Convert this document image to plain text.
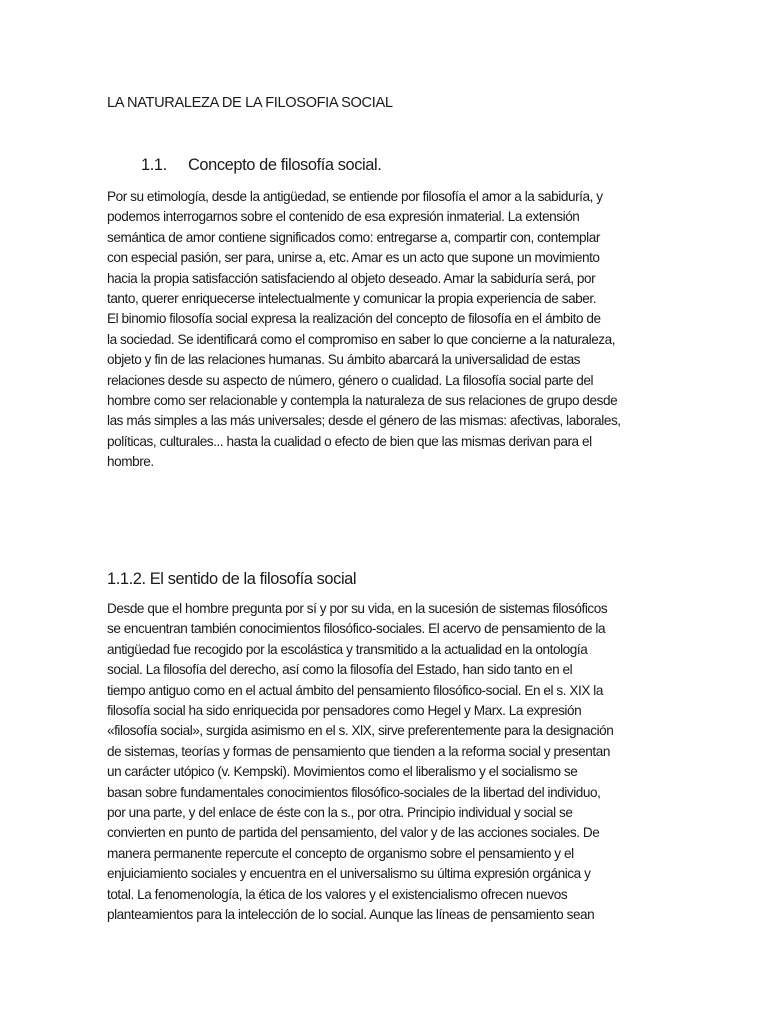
LA NATURALEZA DE LA FILOSOFIA SOCIAL
1.1. Concepto de filosofía social.

Por su etimología, desde la antigüedad, se entiende por filosofía el amor a la sabiduría, y
podemos interrogarnos sobre el contenido de esa expresión inmaterial. La extensión
semántica de amor contiene significados como: entregarse a, compartir con, contemplar
con especial pasión, ser para, unirse a, etc. Amar es un acto que supone un movimiento
hacia la propia satisfacción satisfaciendo al objeto deseado. Amar la sabiduría será, por
tanto, querer enriquecerse intelectualmente y comunicar la propia experiencia de saber.
El binomio filosofía social expresa la realización del concepto de filosofía en el ámbito de
la sociedad. Se identificará como el compromiso en saber lo que concierne a la naturaleza,
objeto y fin de las relaciones humanas. Su ámbito abarcará la universalidad de estas
relaciones desde su aspecto de número, género o cualidad. La filosofía social parte del
hombre como ser relacionable y contempla la naturaleza de sus relaciones de grupo desde
las más simples a las más universales; desde el género de las mismas: afectivas, laborales,
políticas, culturales... hasta la cualidad o efecto de bien que las mismas derivan para el
hombre.

1.1.2. El sentido de la filosofía social

Desde que el hombre pregunta por sí y por su vida, en la sucesión de sistemas filosóficos
se encuentran también conocimientos filosófico-sociales. El acervo de pensamiento de la
antigüedad fue recogido por la escolástica y transmitido a la actualidad en la ontología
social. La filosofía del derecho, así como la filosofía del Estado, han sido tanto en el
tiempo antiguo como en el actual ámbito del pensamiento filosófico-social. En el s. XIX la
filosofía social ha sido enriquecida por pensadores como Hegel y Marx. La expresión
«filosofía social», surgida asimismo en el s. XlX, sirve preferentemente para la designación
de sistemas, teorías y formas de pensamiento que tienden a la reforma social y presentan
un carácter utópico (v. Kempski). Movimientos como el liberalismo y el socialismo se
basan sobre fundamentales conocimientos filosófico-sociales de la libertad del individuo,
por una parte, y del enlace de éste con la s., por otra. Principio individual y social se
convierten en punto de partida del pensamiento, del valor y de las acciones sociales. De
manera permanente repercute el concepto de organismo sobre el pensamiento y el
enjuiciamiento sociales y encuentra en el universalismo su última expresión orgánica y
total. La fenomenología, la ética de los valores y el existencialismo ofrecen nuevos
planteamientos para la intelección de lo social. Aunque las líneas de pensamiento sean
